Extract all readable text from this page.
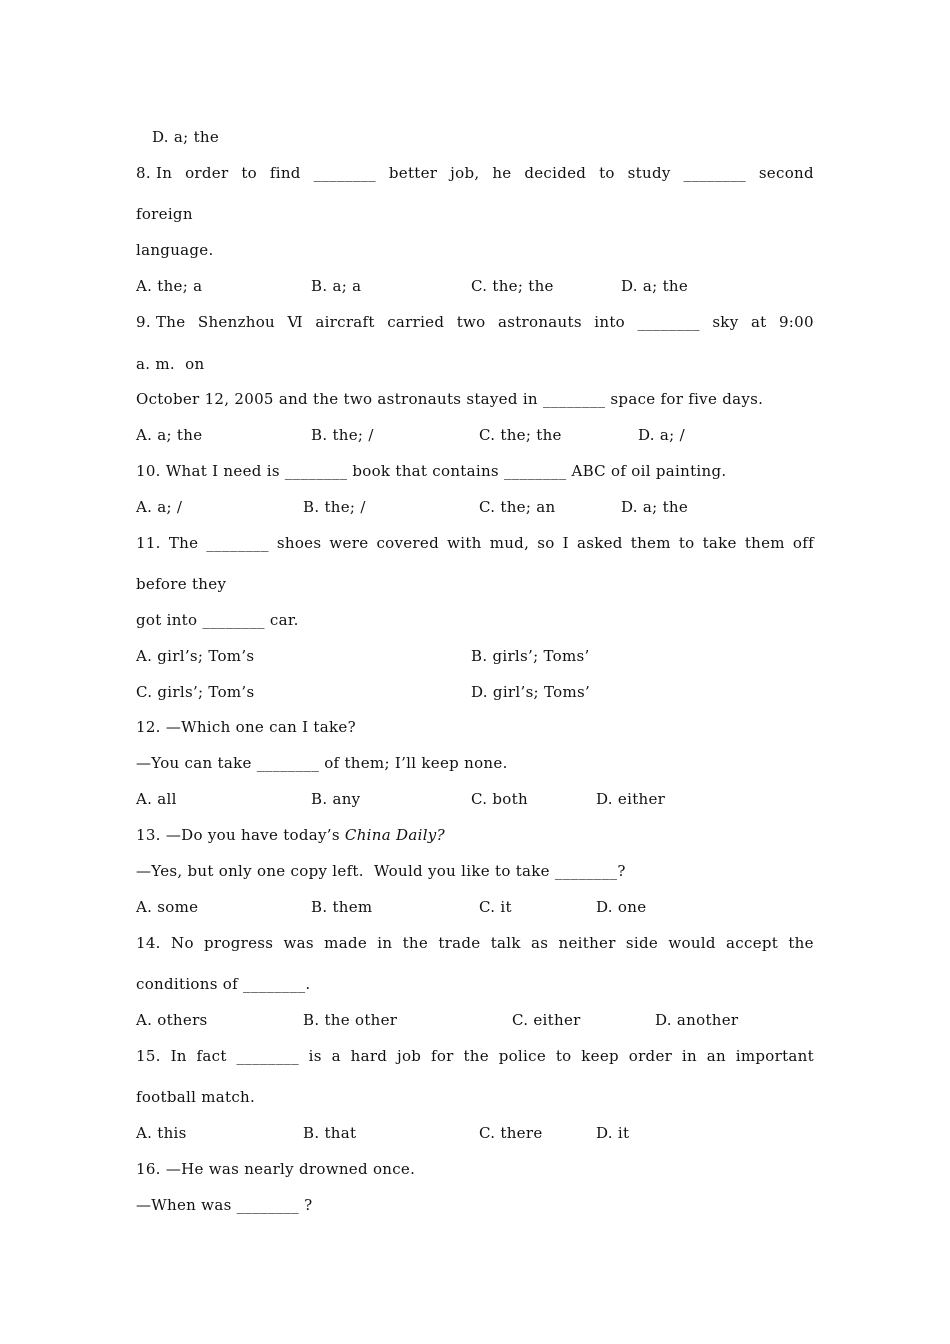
D. a; the
8. In order to find ________ better job, he decided to study ________ second
foreign
language.
A. the; a	B. a; a	C. the; the	D. a; the
9. The Shenzhou Ⅵ aircraft carried two astronauts into ________ sky at 9:00
a. m.  on
October 12, 2005 and the two astronauts stayed in ________ space for five days.
A. a; the	B. the; /	C. the; the	D. a; /
10. What I need is ________ book that contains ________ ABC of oil painting.
A. a; /	B. the; /	C. the; an	D. a; the
11. The ________ shoes were covered with mud, so I asked them to take them off
before they
got into ________ car.
A. girl’s; Tom’s	B. girls’; Toms’
C. girls’; Tom’s	D. girl’s; Toms’
12. —Which one can I take?
—You can take ________ of them; I’ll keep none.
A. all	B. any	C. both	D. either
13. —Do you have today’s China Daily?
—Yes, but only one copy left.  Would you like to take ________?
A. some	B. them	C. it	D. one
14. No progress was made in the trade talk as neither side would accept the
conditions of ________.
A. others	B. the other	C. either	D. another
15. In fact ________ is a hard job for the police to keep order in an important
football match.
A. this	B. that	C. there	D. it
16. —He was nearly drowned once.
—When was ________ ?
